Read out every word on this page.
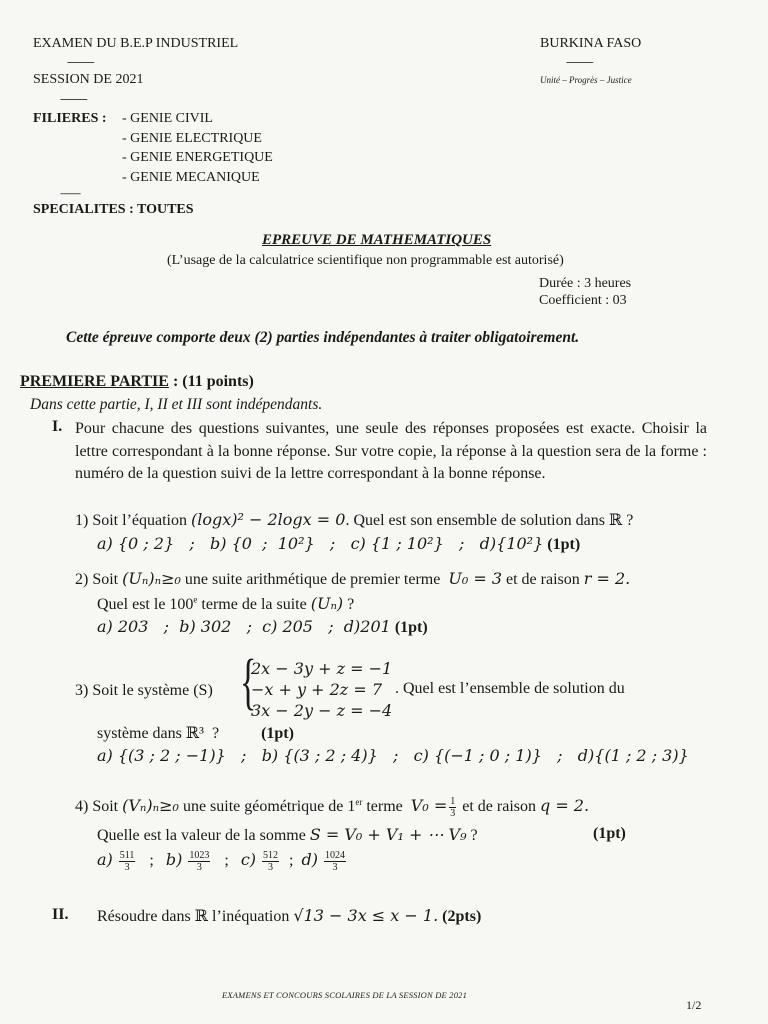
EXAMEN DU B.E.P INDUSTRIEL
----------
SESSION DE 2021
----------
BURKINA FASO
----------
Unité – Progrès – Justice
FILIERES : - GENIE CIVIL
- GENIE ELECTRIQUE
- GENIE ENERGETIQUE
- GENIE MECANIQUE
----------
SPECIALITES : TOUTES
EPREUVE DE MATHEMATIQUES
(L’usage de la calculatrice scientifique non programmable est autorisé)
Durée : 3 heures
Coefficient : 03
Cette épreuve comporte deux (2) parties indépendantes à traiter obligatoirement.
PREMIERE PARTIE : (11 points)
Dans cette partie, I, II et III sont indépendants.
I. Pour chacune des questions suivantes, une seule des réponses proposées est exacte. Choisir la lettre correspondant à la bonne réponse. Sur votre copie, la réponse à la question sera de la forme : numéro de la question suivi de la lettre correspondant à la bonne réponse.
1) Soit l’équation (logx)² − 2logx = 0. Quel est son ensemble de solution dans ℝ ?
a) {0 ; 2}   ;   b) {0  ;  10²}   ;   c) {1 ; 10²}   ;   d){10²} (1pt)
2) Soit (Uₙ)ₙ≥₀ une suite arithmétique de premier terme  U₀ = 3 et de raison r = 2.
Quel est le 100e terme de la suite (Uₙ) ?
a) 203   ;  b) 302   ;  c) 205   ;  d)201 (1pt)
3) Soit le système (S) {
2x − 3y + z = −1
−x + y + 2z = 7
3x − 2y − z = −4
. Quel est l’ensemble de solution du
système dans ℝ³  ?	(1pt)
a) {(3 ; 2 ; −1)}   ;   b) {(3 ; 2 ; 4)}   ;   c) {(−1 ; 0 ; 1)}   ;   d){(1 ; 2 ; 3)}
4) Soit (Vₙ)ₙ≥₀ une suite géométrique de 1er terme  $V_0 = \frac{1}{3}$ et de raison q = 2.
Quelle est la valeur de la somme S = V₀ + V₁ + ⋯ V₉ ?	(1pt)
$a) \frac{511}{3}$ ; $b) \frac{1023}{3}$ ; $c) \frac{512}{3}$ ; $d) \frac{1024}{3}$
II. Résoudre dans ℝ l’inéquation √13 − 3x ≤ x − 1. (2pts)
EXAMENS ET CONCOURS SCOLAIRES DE LA SESSION DE 2021
1/2
